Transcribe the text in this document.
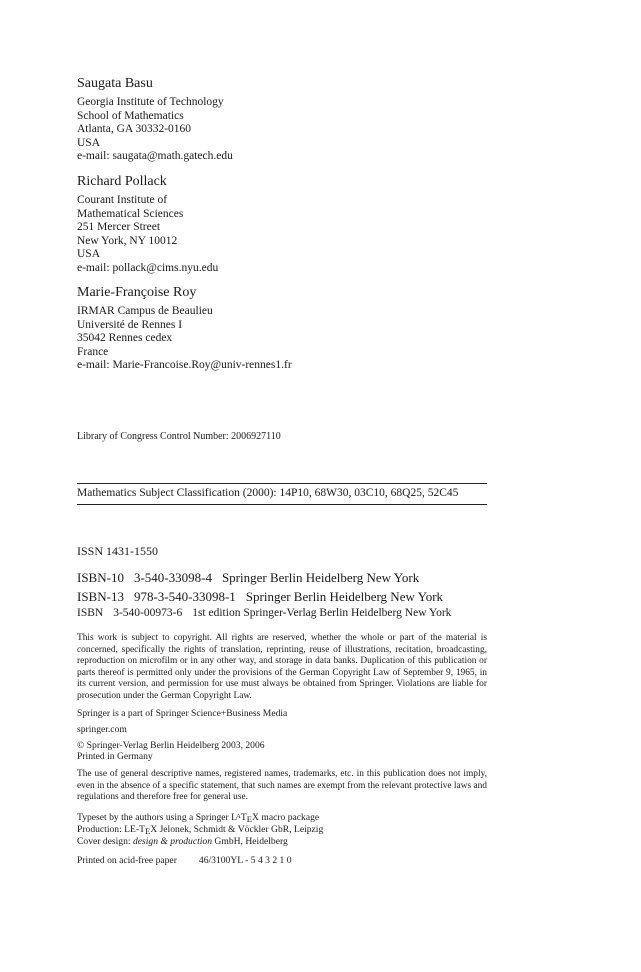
Saugata Basu
Georgia Institute of Technology
School of Mathematics
Atlanta, GA 30332-0160
USA
e-mail: saugata@math.gatech.edu
Richard Pollack
Courant Institute of
Mathematical Sciences
251 Mercer Street
New York, NY 10012
USA
e-mail: pollack@cims.nyu.edu
Marie-Françoise Roy
IRMAR Campus de Beaulieu
Université de Rennes I
35042 Rennes cedex
France
e-mail: Marie-Francoise.Roy@univ-rennes1.fr
Library of Congress Control Number: 2006927110
Mathematics Subject Classification (2000): 14P10, 68W30, 03C10, 68Q25, 52C45
ISSN 1431-1550
ISBN-10 3-540-33098-4 Springer Berlin Heidelberg New York
ISBN-13 978-3-540-33098-1 Springer Berlin Heidelberg New York
ISBN 3-540-00973-6 1st edition Springer-Verlag Berlin Heidelberg New York
This work is subject to copyright. All rights are reserved, whether the whole or part of the material is concerned, specifically the rights of translation, reprinting, reuse of illustrations, recitation, broadcasting, reproduction on microfilm or in any other way, and storage in data banks. Duplication of this publication or parts thereof is permitted only under the provisions of the German Copyright Law of September 9, 1965, in its current version, and permission for use must always be obtained from Springer. Violations are liable for prosecution under the German Copyright Law.
Springer is a part of Springer Science+Business Media
springer.com
© Springer-Verlag Berlin Heidelberg 2003, 2006
Printed in Germany
The use of general descriptive names, registered names, trademarks, etc. in this publication does not imply, even in the absence of a specific statement, that such names are exempt from the relevant protective laws and regulations and therefore free for general use.
Typeset by the authors using a Springer $L^ATEX$ macro package
Production: LE-TEX Jelonek, Schmidt & Vöckler GbR, Leipzig
Cover design: design & production GmbH, Heidelberg
Printed on acid-free paper 46/3100YL - 5 4 3 2 1 0
